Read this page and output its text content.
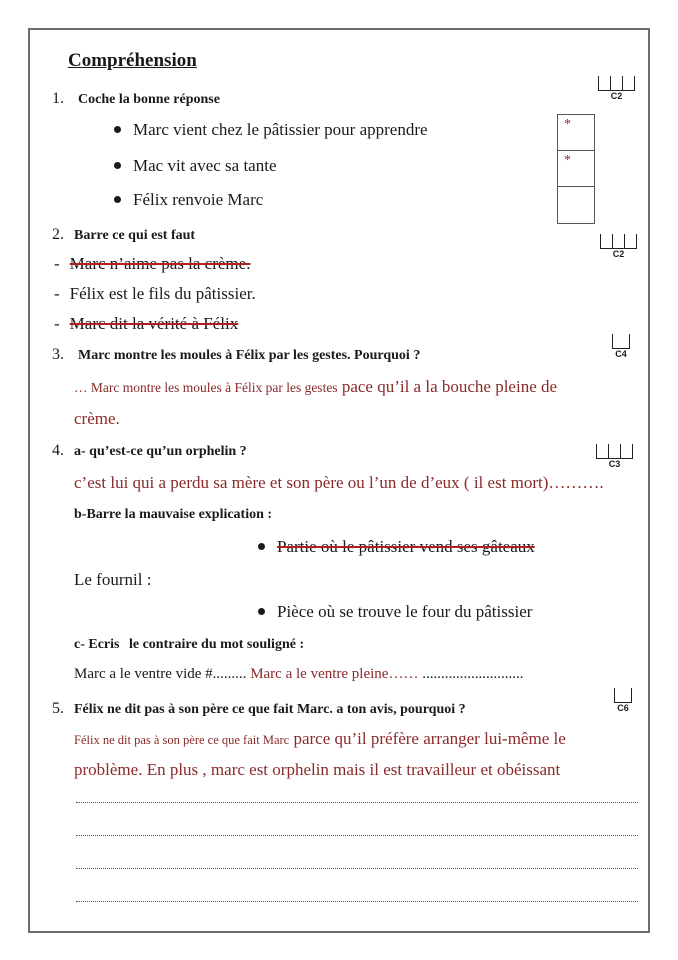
Compréhension
1. Coche la bonne réponse	C2
Marc vient chez le pâtissier pour apprendre
Mac vit avec sa tante
Félix renvoie Marc
*
*
2. Barre ce qui est faut
C2
- Marc n’aime pas la crème.
- Félix est le fils du pâtissier.
- Marc dit la vérité à Félix
3. Marc montre les moules à Félix par les gestes. Pourquoi ?	C4
… Marc montre les moules à Félix par les gestes pace qu’il a la bouche pleine de
crème.
4. a- qu’est-ce qu’un orphelin ?
C3
c’est lui qui a perdu sa mère et son père ou l’un de d’eux ( il est mort)……….
b-Barre la mauvaise explication :
Partie où le pâtissier vend ses gâteaux
Le fournil :
Pièce où se trouve le four du pâtissier
c- Ecris le contraire du mot souligné :
Marc a le ventre vide #......... Marc a le ventre pleine…… ...........................
5. Félix ne dit pas à son père ce que fait Marc. a ton avis, pourquoi ?	C6
Félix ne dit pas à son père ce que fait Marc parce qu’il préfère arranger lui-même le
problème. En plus , marc est orphelin mais il est travailleur et obéissant
